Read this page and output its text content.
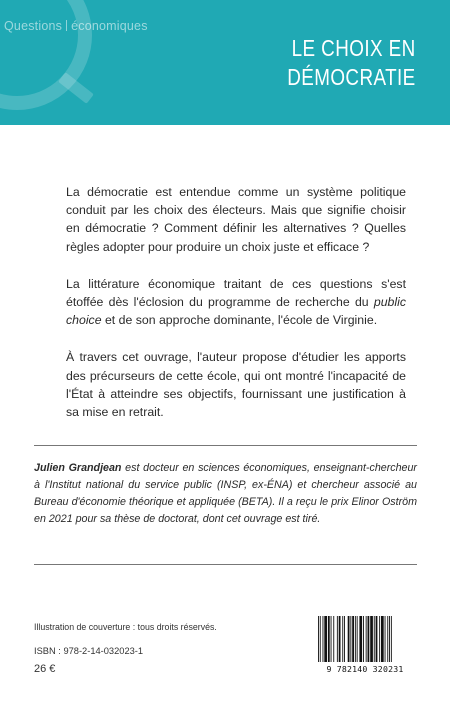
Questions économiques
LE CHOIX EN
DÉMOCRATIE

La démocratie est entendue comme un système politique conduit par les choix des électeurs. Mais que signifie choisir en démocratie ? Comment définir les alternatives ? Quelles règles adopter pour produire un choix juste et efficace ?

La littérature économique traitant de ces questions s'est étoffée dès l'éclosion du programme de recherche du public choice et de son approche dominante, l'école de Virginie.

À travers cet ouvrage, l'auteur propose d'étudier les apports des précurseurs de cette école, qui ont montré l'incapacité de l'État à atteindre ses objectifs, fournissant une justification à sa mise en retrait.

Julien Grandjean est docteur en sciences économiques, enseignant-chercheur à l'Institut national du service public (INSP, ex-ÉNA) et chercheur associé au Bureau d'économie théorique et appliquée (BETA). Il a reçu le prix Elinor Oström en 2021 pour sa thèse de doctorat, dont cet ouvrage est tiré.
Illustration de couverture : tous droits réservés.
ISBN : 978-2-14-032023-1
26 €	9 782140 320231
